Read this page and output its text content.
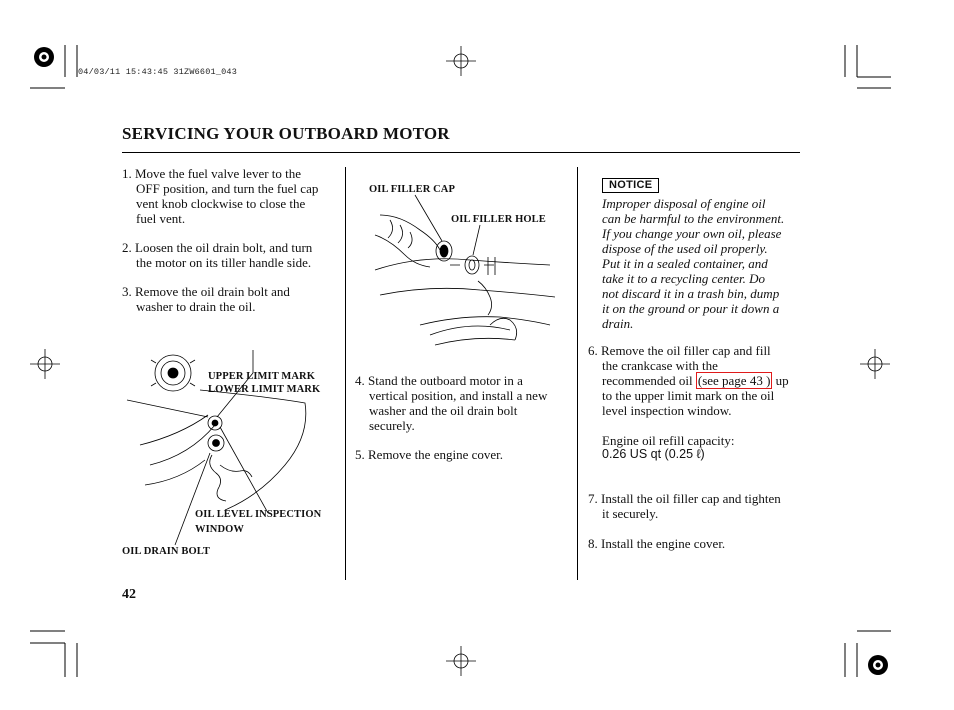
04/03/11 15:43:45 31ZW6601_043
SERVICING YOUR OUTBOARD MOTOR
1. Move the fuel valve lever to the
OFF position, and turn the fuel cap
vent knob clockwise to close the
fuel vent.
2. Loosen the oil drain bolt, and turn
the motor on its tiller handle side.
3. Remove the oil drain bolt and
washer to drain the oil.
UPPER LIMIT MARK
LOWER LIMIT MARK
OIL LEVEL INSPECTION
WINDOW
OIL DRAIN BOLT
OIL FILLER CAP
OIL FILLER HOLE
4. Stand the outboard motor in a
vertical position, and install a new
washer and the oil drain bolt
securely.
5. Remove the engine cover.
NOTICE
Improper disposal of engine oil
can be harmful to the environment.
If you change your own oil, please
dispose of the used oil properly.
Put it in a sealed container, and
take it to a recycling center. Do
not discard it in a trash bin, dump
it on the ground or pour it down a
drain.
6. Remove the oil filler cap and fill
the crankcase with the
recommended oil (see page 43 ) up
to the upper limit mark on the oil
level inspection window.
Engine oil refill capacity:
0.26 US qt (0.25 ℓ)
7. Install the oil filler cap and tighten
it securely.
8. Install the engine cover.
42
